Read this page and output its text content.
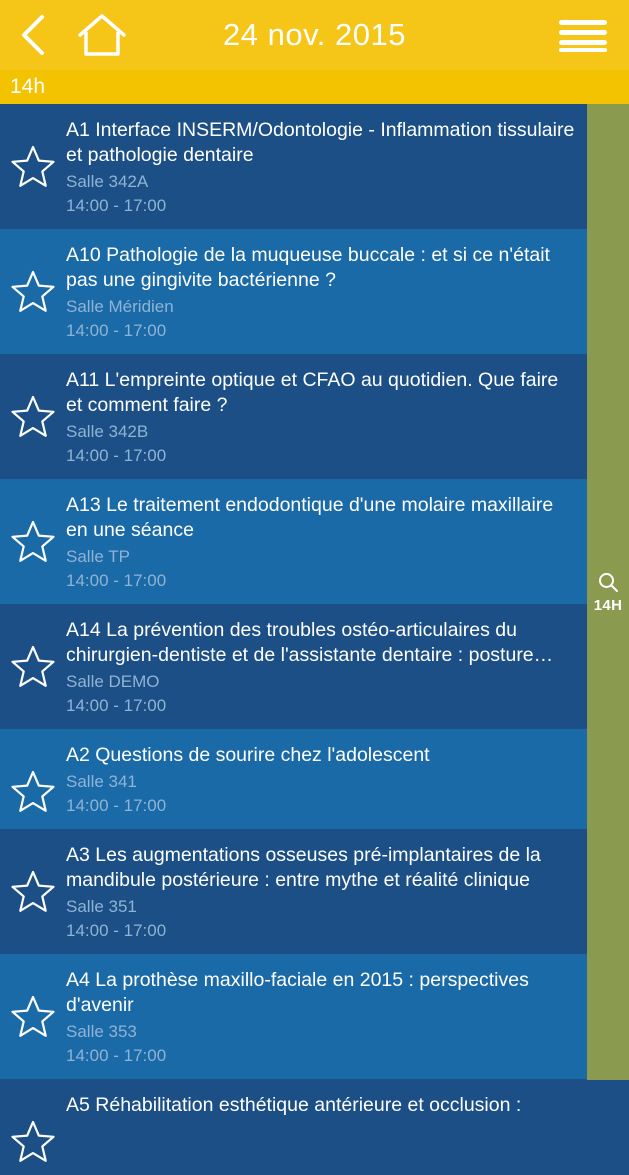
24 nov. 2015
14h
A1 Interface INSERM/Odontologie - Inflammation tissulaire et pathologie dentaire
Salle 342A
14:00 - 17:00
A10 Pathologie de la muqueuse buccale : et si ce n'était pas une gingivite bactérienne ?
Salle Méridien
14:00 - 17:00
A11 L'empreinte optique et CFAO au quotidien. Que faire et comment faire ?
Salle 342B
14:00 - 17:00
A13 Le traitement endodontique d'une molaire maxillaire en une séance
Salle TP
14:00 - 17:00
A14 La prévention des troubles ostéo-articulaires du chirurgien-dentiste et de l'assistante dentaire : posture…
Salle DEMO
14:00 - 17:00
A2 Questions de sourire chez l'adolescent
Salle 341
14:00 - 17:00
A3 Les augmentations osseuses pré-implantaires de la mandibule postérieure : entre mythe et réalité clinique
Salle 351
14:00 - 17:00
A4 La prothèse maxillo-faciale en 2015 : perspectives d'avenir
Salle 353
14:00 - 17:00
A5 Réhabilitation esthétique antérieure et occlusion :
14H
